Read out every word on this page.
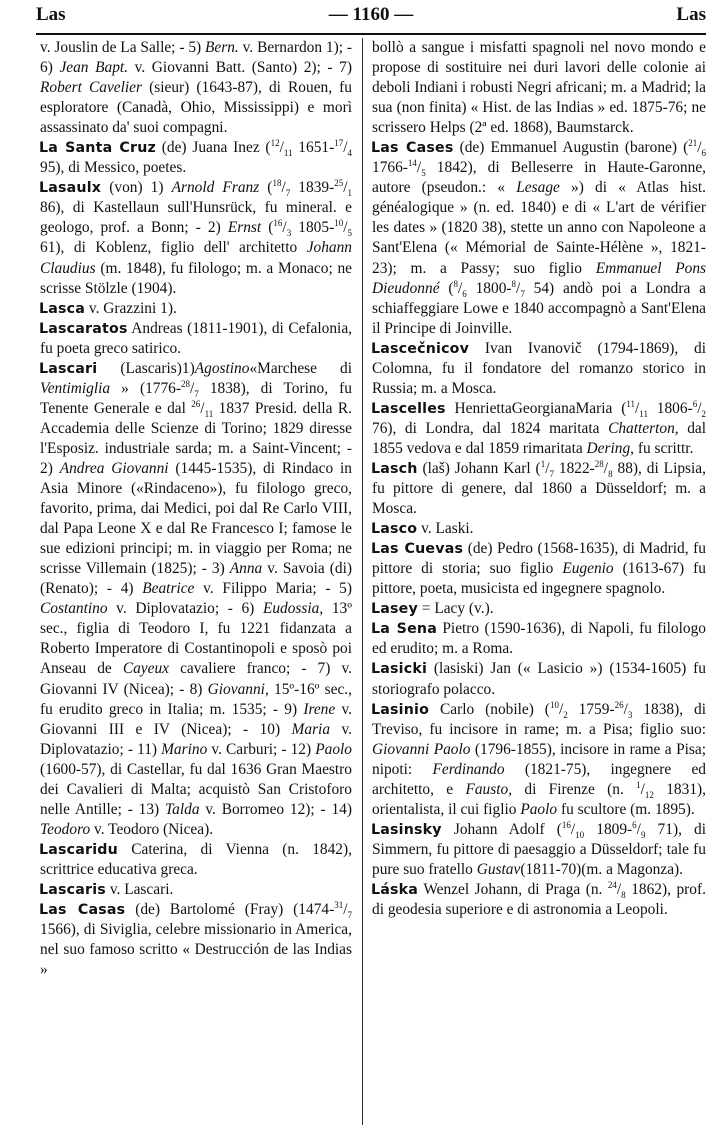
Las	— 1160 —	Las

v. Jouslin de La Salle; - 5) Bern. v. Bernardon 1); - 6) Jean Bapt. v. Giovanni Batt. (Santo) 2); - 7) Robert Cavelier (sieur) (1643-87), di Rouen, fu esploratore (Canadà, Ohio, Mississippi) e morì assassinato da' suoi compagni.

La Santa Cruz (de) Juana Inez ($^{12}/_{11}$ $1651-^{17}/_4$ 95), di Messico, poetes.

Lasaulx (von) 1) Arnold Franz ($^{18}/_7$ $1839-^{25}/_1$ 86), di Kastellaun sull'Hunsrück, fu mineral. e geologo, prof. a Bonn; - 2) Ernst ($^{16}/_3$ $1805-^{10}/_5$ 61), di Koblenz, figlio dell' architetto Johann Claudius (m. 1848), fu filologo; m. a Monaco; ne scrisse Stölzle (1904).

Lasca v. Grazzini 1).

Lascaratos Andreas (1811-1901), di Cefalonia, fu poeta greco satirico.

Lascari (Lascaris)1)Agostino«Marchese di Ventimiglia » ($1776-^{28}/_7$ 1838), di Torino, fu Tenente Generale e dal $^{26}/_{11}$ 1837 Presid. della R. Accademia delle Scienze di Torino; 1829 diresse l'Esposiz. industriale sarda; m. a Saint-Vincent; - 2) Andrea Giovanni (1445-1535), di Rindaco in Asia Minore («Rindaceno»), fu filologo greco, favorito, prima, dai Medici, poi dal Re Carlo VIII, dal Papa Leone X e dal Re Francesco I; famose le sue edizioni principi; m. in viaggio per Roma; ne scrisse Villemain (1825); - 3) Anna v. Savoia (di) (Renato); - 4) Beatrice v. Filippo Maria; - 5) Costantino v. Diplovatazio; - 6) Eudossia, 13º sec., figlia di Teodoro I, fu 1221 fidanzata a Roberto Imperatore di Costantinopoli e sposò poi Anseau de Cayeux cavaliere franco; - 7) v. Giovanni IV (Nicea); - 8) Giovanni, 15º-16º sec., fu erudito greco in Italia; m. 1535; - 9) Irene v. Giovanni III e IV (Nicea); - 10) Maria v. Diplovatazio; - 11) Marino v. Carburi; - 12) Paolo (1600-57), di Castellar, fu dal 1636 Gran Maestro dei Cavalieri di Malta; acquistò San Cristoforo nelle Antille; - 13) Talda v. Borromeo 12); - 14) Teodoro v. Teodoro (Nicea).

Lascaridu Caterina, di Vienna (n. 1842), scrittrice educativa greca.

Lascaris v. Lascari.

Las Casas (de) Bartolomé (Fray) ($1474-^{31}/_7$ 1566), di Siviglia, celebre missionario in America, nel suo famoso scritto « Destrucción de las Indias »

bollò a sangue i misfatti spagnoli nel novo mondo e propose di sostituire nei duri lavori delle colonie ai deboli Indiani i robusti Negri africani; m. a Madrid; la sua (non finita) « Hist. de las Indias » ed. 1875-76; ne scrissero Helps (2ª ed. 1868), Baumstarck.

Las Cases (de) Emmanuel Augustin (barone) ($^{21}/_6$ $1766-^{14}/_5$ 1842), di Belleserre in Haute-Garonne, autore (pseudon.: « Lesage ») di « Atlas hist. généalogique » (n. ed. 1840) e di « L'art de vérifier les dates » (1820 38), stette un anno con Napoleone a Sant'Elena (« Mémorial de Sainte-Hélène », 1821-23); m. a Passy; suo figlio Emmanuel Pons Dieudonné ($^8/_6$ $1800-^8/_7$ 54) andò poi a Londra a schiaffeggiare Lowe e 1840 accompagnò a Sant'Elena il Principe di Joinville.

Lascečnicov Ivan Ivanovič (1794-1869), di Colomna, fu il fondatore del romanzo storico in Russia; m. a Mosca.

Lascelles HenriettaGeorgianaMaria ($^{11}/_{11}$ $1806-^6/_2$ 76), di Londra, dal 1824 maritata Chatterton, dal 1855 vedova e dal 1859 rimaritata Dering, fu scrittr.

Lasch (laš) Johann Karl ($^1/_7$ $1822-^{28}/_8$ 88), di Lipsia, fu pittore di genere, dal 1860 a Düsseldorf; m. a Mosca.

Lasco v. Laski.

Las Cuevas (de) Pedro (1568-1635), di Madrid, fu pittore di storia; suo figlio Eugenio (1613-67) fu pittore, poeta, musicista ed ingegnere spagnolo.

Lasey = Lacy (v.).

La Sena Pietro (1590-1636), di Napoli, fu filologo ed erudito; m. a Roma.

Lasicki (lasiski) Jan (« Lasicio ») (1534-1605) fu storiografo polacco.

Lasinio Carlo (nobile) ($^{10}/_2$ $1759-^{26}/_3$ 1838), di Treviso, fu incisore in rame; m. a Pisa; figlio suo: Giovanni Paolo (1796-1855), incisore in rame a Pisa; nipoti: Ferdinando (1821-75), ingegnere ed architetto, e Fausto, di Firenze (n. $^1/_{12}$ 1831), orientalista, il cui figlio Paolo fu scultore (m. 1895).

Lasinsky Johann Adolf ($^{16}/_{10}$ $1809-^6/_9$ 71), di Simmern, fu pittore di paesaggio a Düsseldorf; tale fu pure suo fratello Gustav(1811-70)(m. a Magonza).

Láska Wenzel Johann, di Praga (n. $^{24}/_8$ 1862), prof. di geodesia superiore e di astronomia a Leopoli.
